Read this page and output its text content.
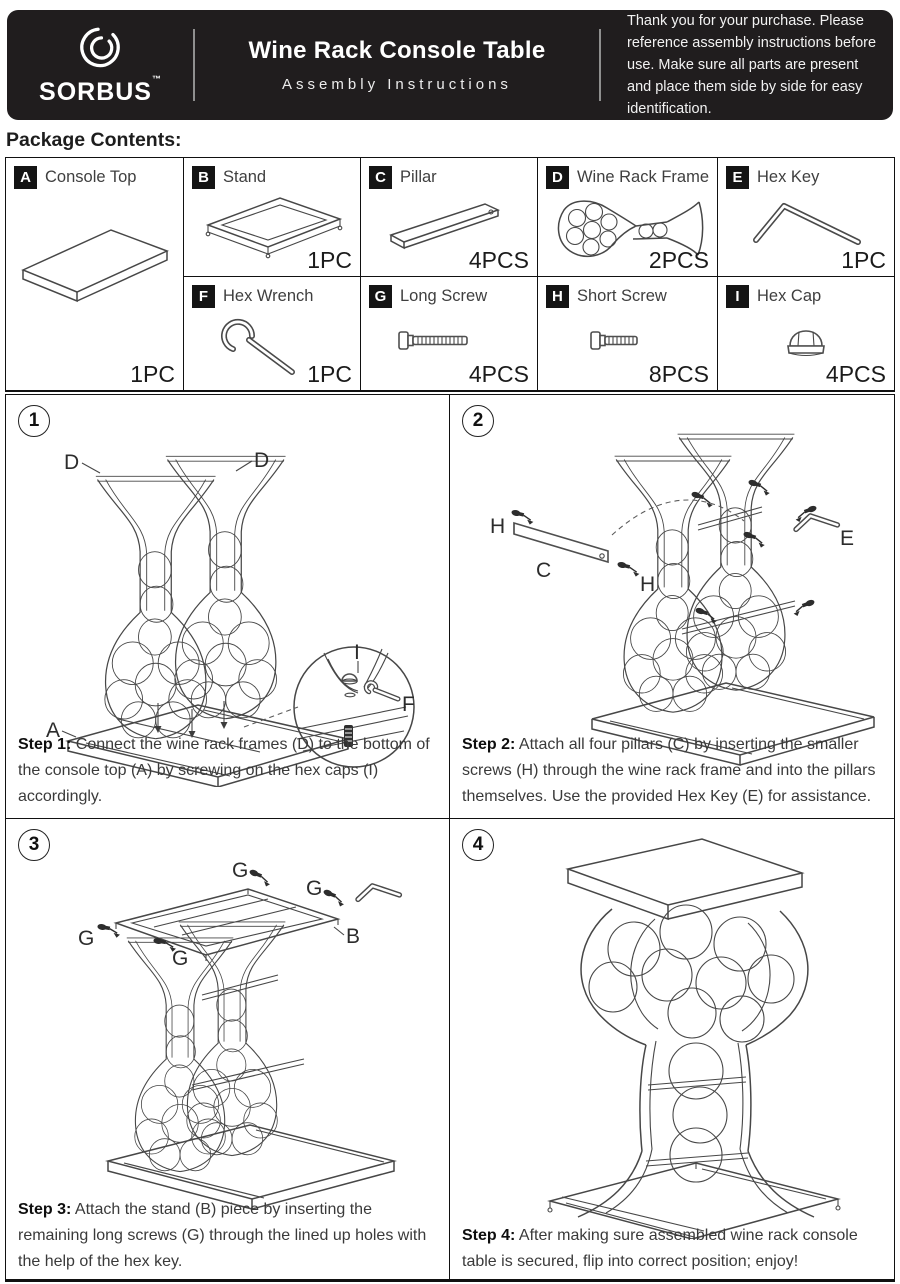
SORBUS™
Wine Rack Console Table
Assembly Instructions

Thank you for your purchase. Please reference assembly instructions before use. Make sure all parts are present and place them side by side for easy identification.

Package Contents:
A Console Top
1PC
B Stand
1PC
C Pillar
4PCS
D Wine Rack Frame
2PCS
E Hex Key
1PC
F Hex Wrench
1PC
G Long Screw
4PCS
H Short Screw
8PCS
I	Hex Cap
4PCS
1
D	D
A
I
F

Step 1: Connect the wine rack frames (D) to the bottom of the console top (A) by screwing on the hex caps (I) accordingly.

2
C
H
H
E

Step 2: Attach all four pillars (C) by inserting the smaller screws (H) through the wine rack frame and into the pillars themselves. Use the provided Hex Key (E) for assistance.

3
G
G
G
G
B

Step 3: Attach the stand (B) piece by inserting the remaining long screws (G) through the lined up holes with the help of the hex key.

4

Step 4: After making sure assembled wine rack console table is secured, flip into correct position; enjoy!
